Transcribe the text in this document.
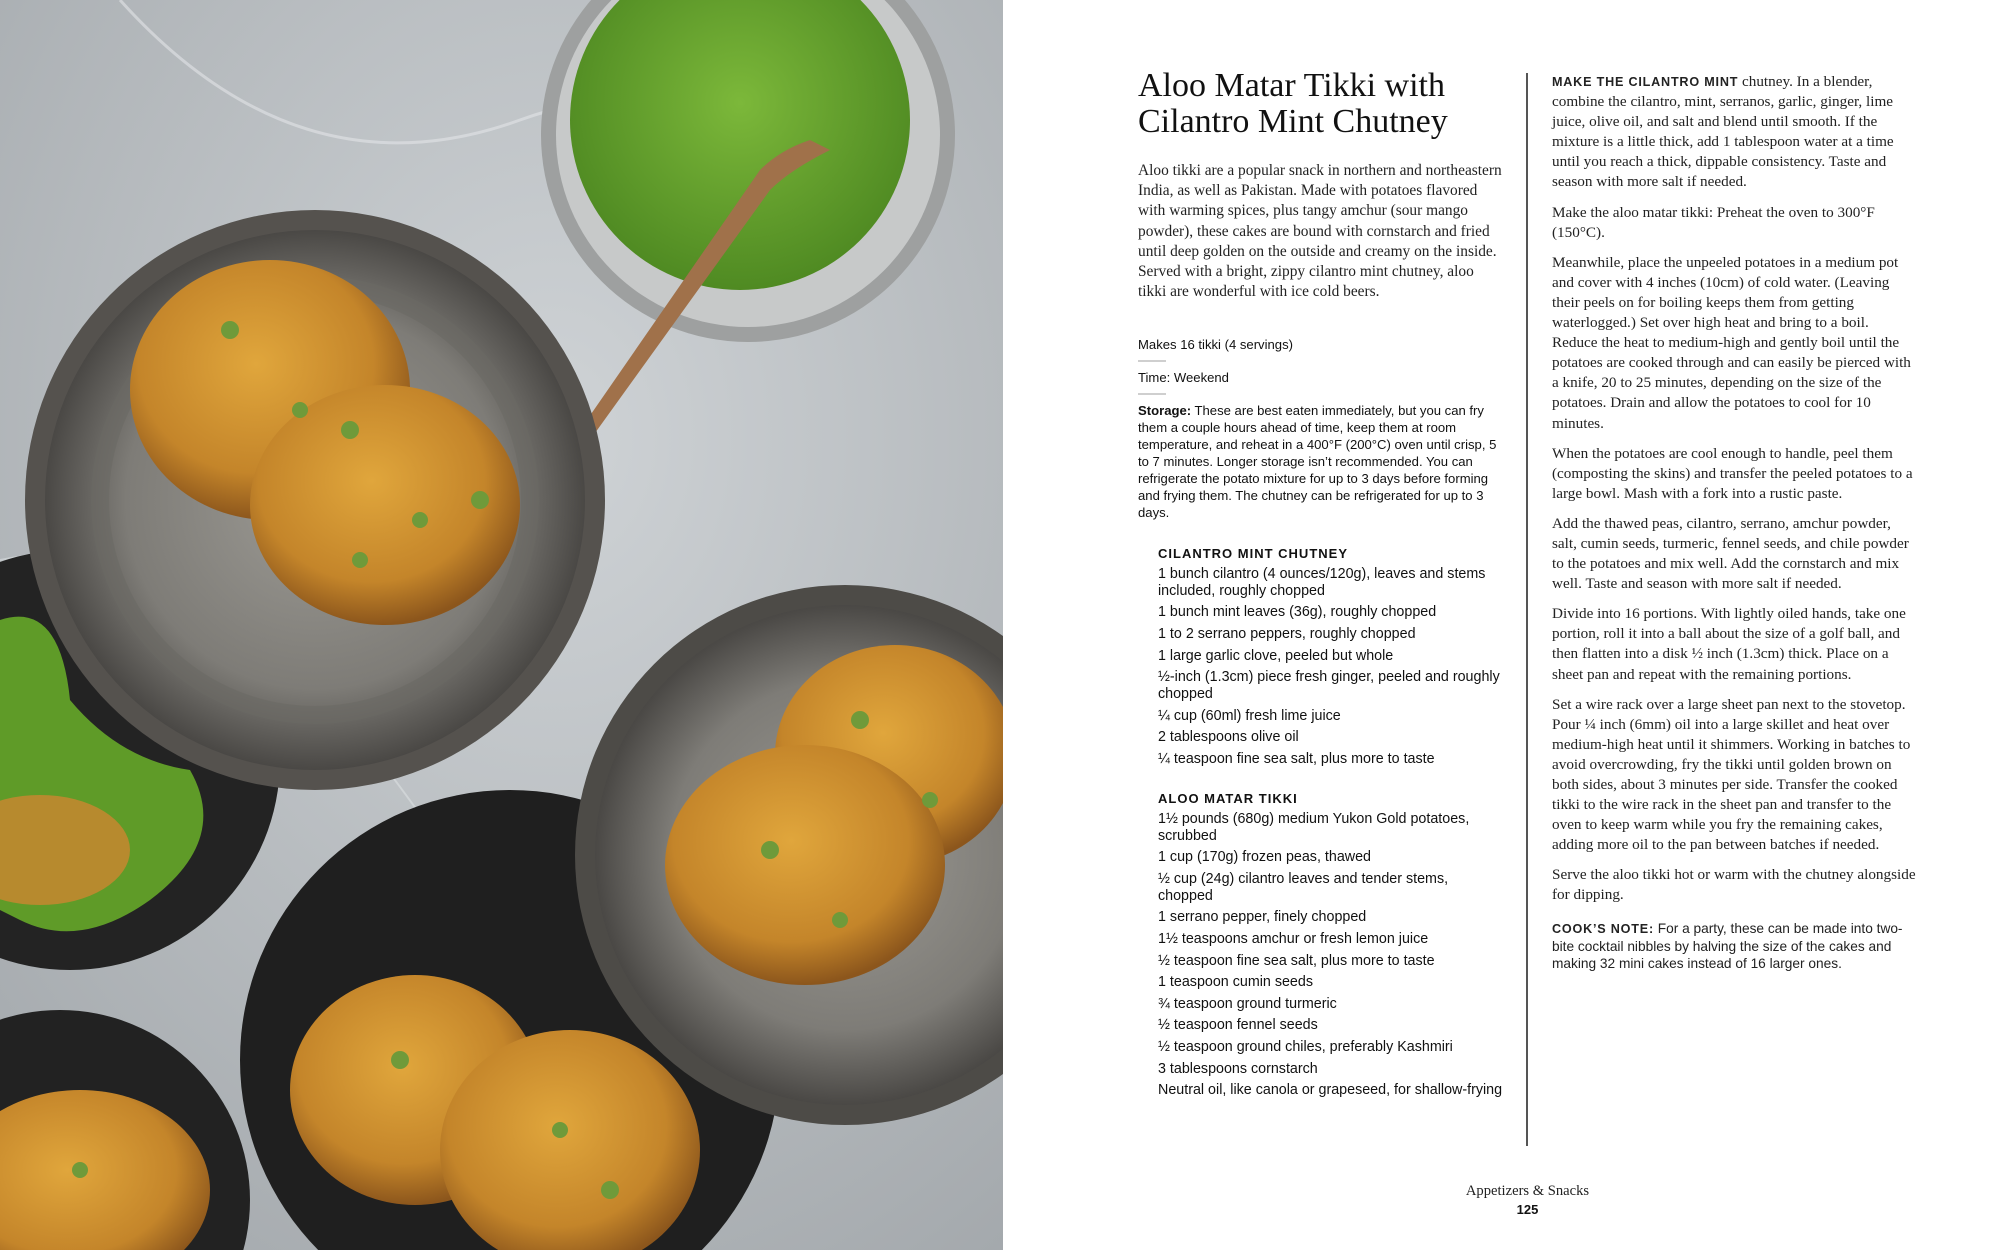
Aloo Matar Tikki with
Cilantro Mint Chutney

Aloo tikki are a popular snack in northern and northeastern India, as well as Pakistan. Made with potatoes flavored with warming spices, plus tangy amchur (sour mango powder), these cakes are bound with cornstarch and fried until deep golden on the outside and creamy on the inside. Served with a bright, zippy cilantro mint chutney, aloo tikki are wonderful with ice cold beers.

Makes 16 tikki (4 servings)

Time: Weekend

Storage: These are best eaten immediately, but you can fry them a couple hours ahead of time, keep them at room temperature, and reheat in a 400°F (200°C) oven until crisp, 5 to 7 minutes. Longer storage isn’t recommended. You can refrigerate the potato mixture for up to 3 days before forming and frying them. The chutney can be refrigerated for up to 3 days.

CILANTRO MINT CHUTNEY
1 bunch cilantro (4 ounces/120g), leaves and stems included, roughly chopped
1 bunch mint leaves (36g), roughly chopped
1 to 2 serrano peppers, roughly chopped
1 large garlic clove, peeled but whole
½-inch (1.3cm) piece fresh ginger, peeled and roughly chopped
¼ cup (60ml) fresh lime juice
2 tablespoons olive oil
¼ teaspoon fine sea salt, plus more to taste
ALOO MATAR TIKKI
1½ pounds (680g) medium Yukon Gold potatoes, scrubbed
1 cup (170g) frozen peas, thawed
½ cup (24g) cilantro leaves and tender stems, chopped
1 serrano pepper, finely chopped
1½ teaspoons amchur or fresh lemon juice
½ teaspoon fine sea salt, plus more to taste
1 teaspoon cumin seeds
¾ teaspoon ground turmeric
½ teaspoon fennel seeds
½ teaspoon ground chiles, preferably Kashmiri
3 tablespoons cornstarch
Neutral oil, like canola or grapeseed, for shallow-frying

MAKE THE CILANTRO MINT chutney. In a blender, combine the cilantro, mint, serranos, garlic, ginger, lime juice, olive oil, and salt and blend until smooth. If the mixture is a little thick, add 1 tablespoon water at a time until you reach a thick, dippable consistency. Taste and season with more salt if needed.

Make the aloo matar tikki: Preheat the oven to 300°F (150°C).

Meanwhile, place the unpeeled potatoes in a medium pot and cover with 4 inches (10cm) of cold water. (Leaving their peels on for boiling keeps them from getting waterlogged.) Set over high heat and bring to a boil. Reduce the heat to medium-high and gently boil until the potatoes are cooked through and can easily be pierced with a knife, 20 to 25 minutes, depending on the size of the potatoes. Drain and allow the potatoes to cool for 10 minutes.

When the potatoes are cool enough to handle, peel them (composting the skins) and transfer the peeled potatoes to a large bowl. Mash with a fork into a rustic paste.

Add the thawed peas, cilantro, serrano, amchur powder, salt, cumin seeds, turmeric, fennel seeds, and chile powder to the potatoes and mix well. Add the cornstarch and mix well. Taste and season with more salt if needed.

Divide into 16 portions. With lightly oiled hands, take one portion, roll it into a ball about the size of a golf ball, and then flatten into a disk ½ inch (1.3cm) thick. Place on a sheet pan and repeat with the remaining portions.

Set a wire rack over a large sheet pan next to the stovetop. Pour ¼ inch (6mm) oil into a large skillet and heat over medium-high heat until it shimmers. Working in batches to avoid overcrowding, fry the tikki until golden brown on both sides, about 3 minutes per side. Transfer the cooked tikki to the wire rack in the sheet pan and transfer to the oven to keep warm while you fry the remaining cakes, adding more oil to the pan between batches if needed.

Serve the aloo tikki hot or warm with the chutney alongside for dipping.

COOK’S NOTE: For a party, these can be made into two-bite cocktail nibbles by halving the size of the cakes and making 32 mini cakes instead of 16 larger ones.

Appetizers & Snacks
125
